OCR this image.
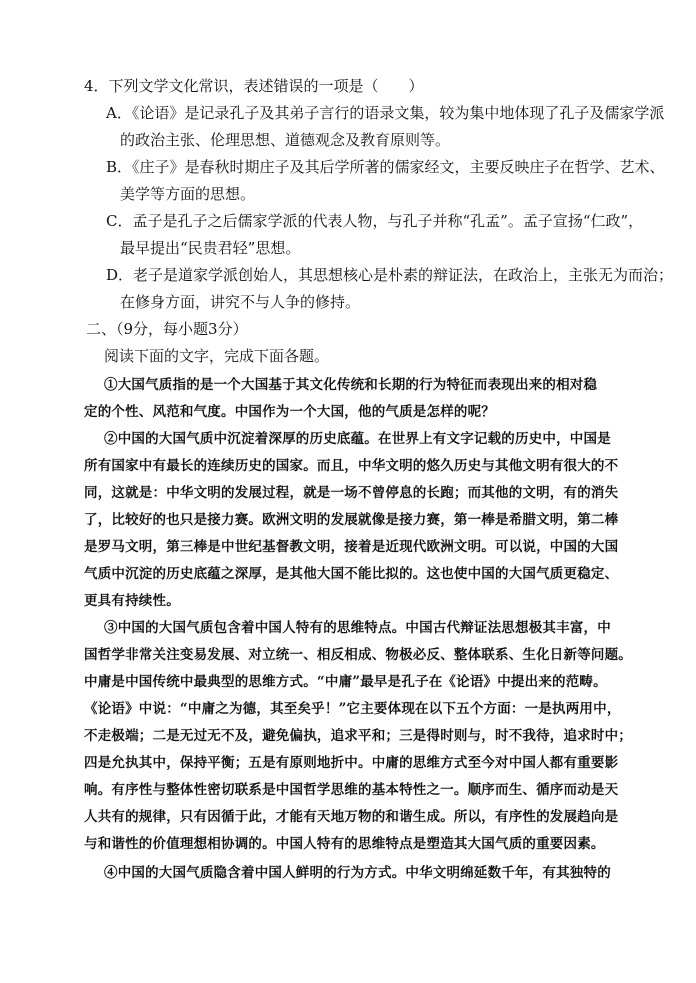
4．下列文学文化常识，表述错误的一项是（　　）
A．《论语》是记录孔子及其弟子言行的语录文集，较为集中地体现了孔子及儒家学派
的政治主张、伦理思想、道德观念及教育原则等。
B．《庄子》是春秋时期庄子及其后学所著的儒家经文，主要反映庄子在哲学、艺术、
美学等方面的思想。
C．孟子是孔子之后儒家学派的代表人物，与孔子并称“孔孟”。孟子宣扬“仁政”，
最早提出“民贵君轻”思想。
D．老子是道家学派创始人，其思想核心是朴素的辩证法，在政治上，主张无为而治；
在修身方面，讲究不与人争的修持。
二、（9分，每小题3分）
阅读下面的文字，完成下面各题。
①大国气质指的是一个大国基于其文化传统和长期的行为特征而表现出来的相对稳
定的个性、风范和气度。中国作为一个大国，他的气质是怎样的呢？
②中国的大国气质中沉淀着深厚的历史底蕴。在世界上有文字记载的历史中，中国是
所有国家中有最长的连续历史的国家。而且，中华文明的悠久历史与其他文明有很大的不
同，这就是：中华文明的发展过程，就是一场不曾停息的长跑；而其他的文明，有的消失
了，比较好的也只是接力赛。欧洲文明的发展就像是接力赛，第一棒是希腊文明，第二棒
是罗马文明，第三棒是中世纪基督教文明，接着是近现代欧洲文明。可以说，中国的大国
气质中沉淀的历史底蕴之深厚，是其他大国不能比拟的。这也使中国的大国气质更稳定、
更具有持续性。
③中国的大国气质包含着中国人特有的思维特点。中国古代辩证法思想极其丰富，中
国哲学非常关注变易发展、对立统一、相反相成、物极必反、整体联系、生化日新等问题。
中庸是中国传统中最典型的思维方式。“中庸”最早是孔子在《论语》中提出来的范畴。
《论语》中说：“中庸之为德，其至矣乎！”它主要体现在以下五个方面：一是执两用中，
不走极端；二是无过无不及，避免偏执，追求平和；三是得时则与，时不我待，追求时中；
四是允执其中，保持平衡；五是有原则地折中。中庸的思维方式至今对中国人都有重要影
响。有序性与整体性密切联系是中国哲学思维的基本特性之一。顺序而生、循序而动是天
人共有的规律，只有因循于此，才能有天地万物的和谐生成。所以，有序性的发展趋向是
与和谐性的价值理想相协调的。中国人特有的思维特点是塑造其大国气质的重要因素。
④中国的大国气质隐含着中国人鲜明的行为方式。中华文明绵延数千年，有其独特的
